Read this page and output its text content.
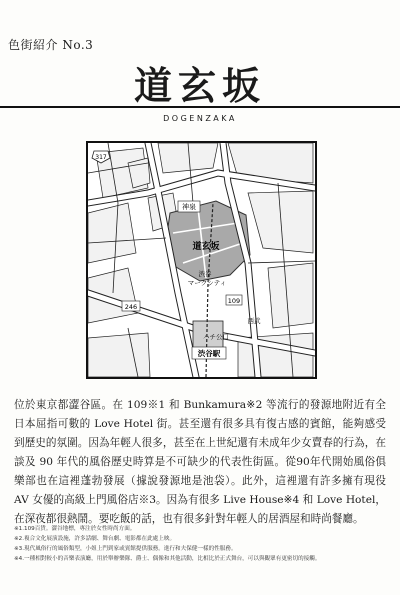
色街紹介 No.3
道玄坂
DOGENZAKA
317
神泉
道玄坂
渋谷
マークシティ
109
西武
246
ハチ公口
渋谷駅
位於東京都澀谷區。在 109※1 和 Bunkamura※2 等流行的發源地附近有全日本屈指可數的 Love Hotel 街。甚至還有很多具有復古感的賓館，能夠感受到歷史的氛圍。因為年輕人很多，甚至在上世紀還有未成年少女賣春的行為，在談及 90 年代的風俗歷史時算是不可缺少的代表性街區。從90年代開始風俗俱樂部也在這裡蓬勃發展（據說發源地是池袋）。此外，這裡還有許多擁有現役 AV 女優的高級上門風俗店※3。因為有很多 Live House※4 和 Love Hotel，在深夜都很熱鬧。要吃飯的話，也有很多針對年輕人的居酒屋和時尚餐廳。
※1.109百貨。澀谷地標，專注於女性時尚方面。
※2.複合文化展演設施，許多話劇、舞台劇、電影都在此處上映。
※3.現代風俗行的風俗類型，小姐上門到家或賓館提供服務。進行和夫保健一樣的性服務。
※4.一種相對較小的音樂表演廳，用於舉辦樂隊、爵士、偶像和其他活動，比相比於正式舞台，可以與觀眾有更密切的接觸。
